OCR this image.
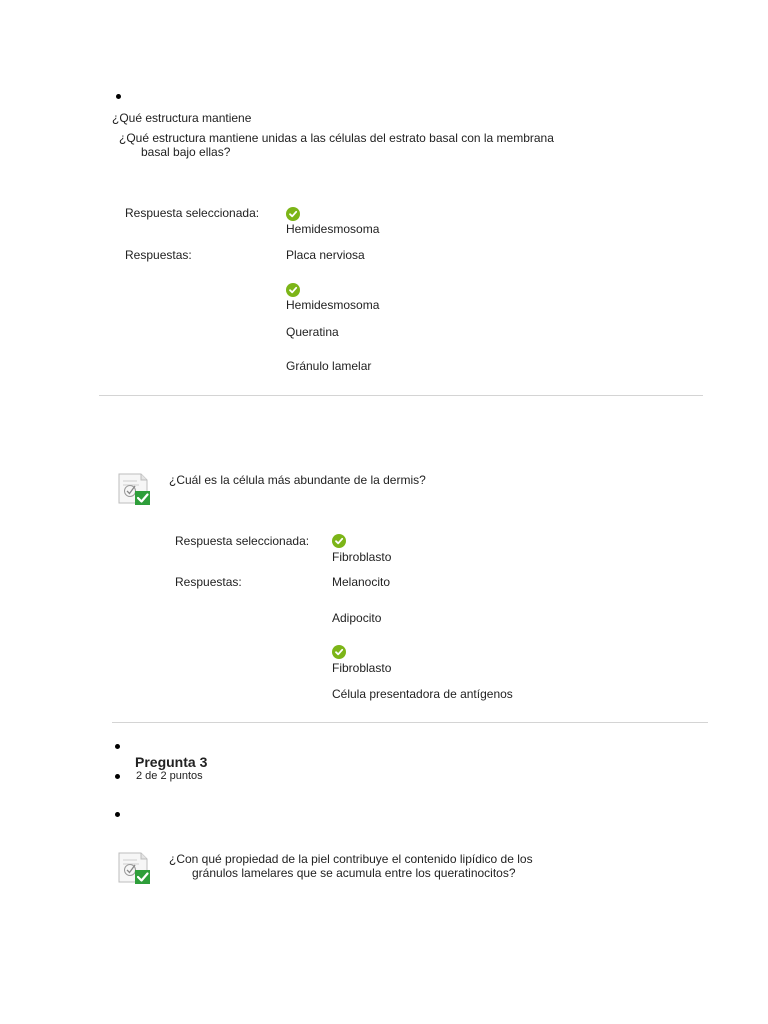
¿Qué estructura mantiene
¿Qué estructura mantiene unidas a las células del estrato basal con la membrana
basal bajo ellas?
Respuesta seleccionada:
Hemidesmosoma
Respuestas:	Placa nerviosa
Hemidesmosoma
Queratina
Gránulo lamelar
¿Cuál es la célula más abundante de la dermis?
Respuesta seleccionada:
Fibroblasto
Respuestas:	Melanocito
Adipocito
Fibroblasto
Célula presentadora de antígenos
Pregunta 3
2 de 2 puntos
¿Con qué propiedad de la piel contribuye el contenido lipídico de los
gránulos lamelares que se acumula entre los queratinocitos?
